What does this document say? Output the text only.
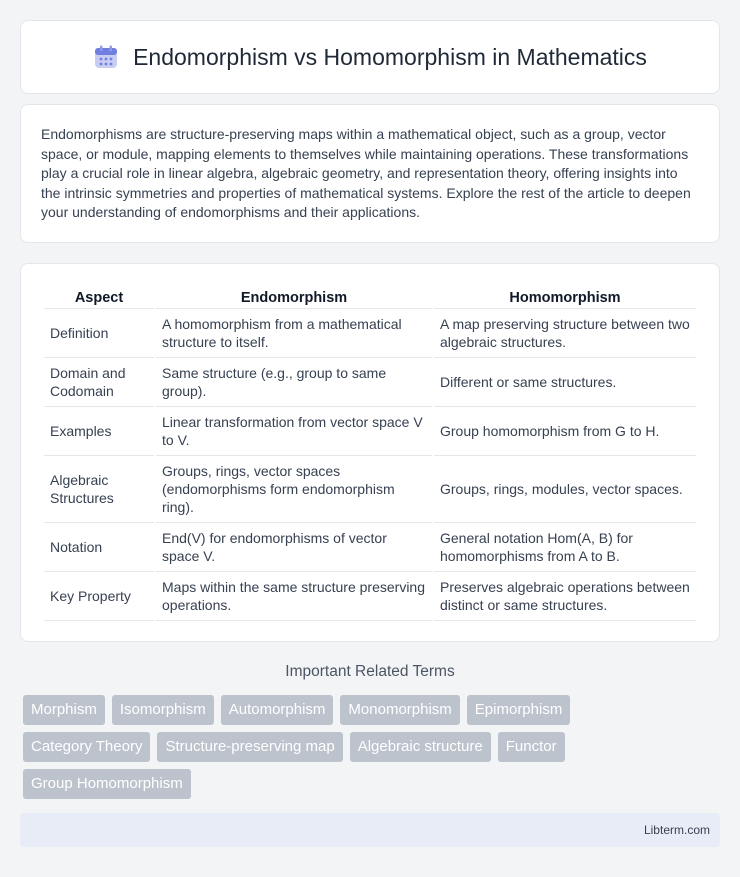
Endomorphism vs Homomorphism in Mathematics

Endomorphisms are structure-preserving maps within a mathematical object, such as a group, vector space, or module, mapping elements to themselves while maintaining operations. These transformations play a crucial role in linear algebra, algebraic geometry, and representation theory, offering insights into the intrinsic symmetries and properties of mathematical systems. Explore the rest of the article to deepen your understanding of endomorphisms and their applications.

Aspect	Endomorphism	Homomorphism
Definition	A homomorphism from a mathematical structure to itself.	A map preserving structure between two algebraic structures.
Domain and Codomain	Same structure (e.g., group to same group).	Different or same structures.
Examples	Linear transformation from vector space V to V.	Group homomorphism from G to H.
Algebraic Structures	Groups, rings, vector spaces (endomorphisms form endomorphism ring).	Groups, rings, modules, vector spaces.
Notation	End(V) for endomorphisms of vector space V.	General notation Hom(A, B) for homomorphisms from A to B.
Key Property	Maps within the same structure preserving operations.	Preserves algebraic operations between distinct or same structures.
Important Related Terms
Morphism	Isomorphism	Automorphism	Monomorphism	Epimorphism
Category Theory	Structure-preserving map	Algebraic structure	Functor
Group Homomorphism
Libterm.com
